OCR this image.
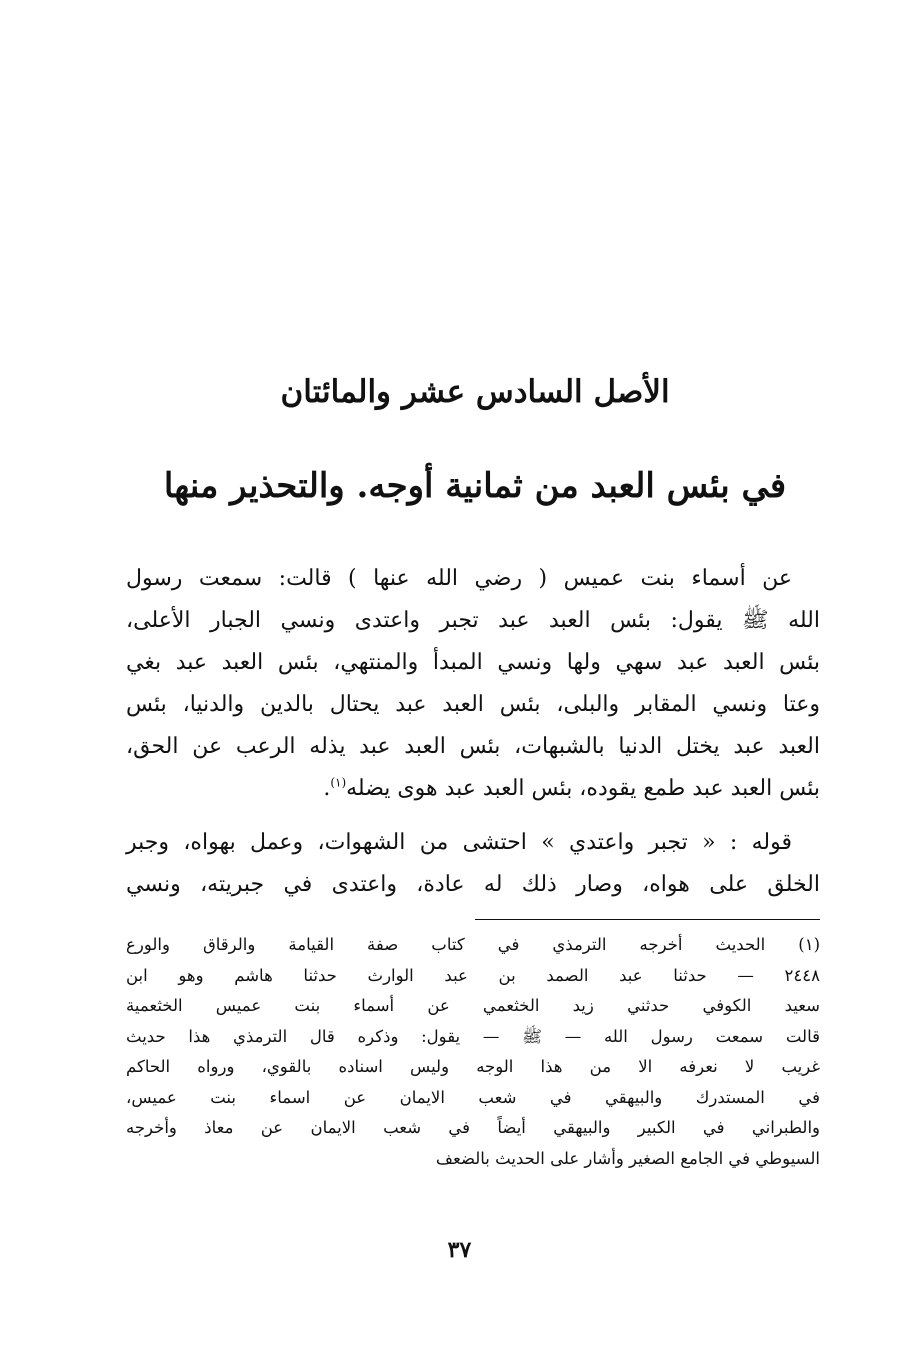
الأصل السادس عشر والمائتان
في بئس العبد من ثمانية أوجه. والتحذير منها

عن أسماء بنت عميس ( رضي الله عنها ) قالت: سمعت رسول
الله ﷺ يقول: بئس العبد عبد تجبر واعتدى ونسي الجبار الأعلى،
بئس العبد عبد سهي ولها ونسي المبدأ والمنتهي، بئس العبد عبد بغي
وعتا ونسي المقابر والبلى، بئس العبد عبد يحتال بالدين والدنيا، بئس
العبد عبد يختل الدنيا بالشبهات، بئس العبد عبد يذله الرعب عن الحق،
بئس العبد عبد طمع يقوده، بئس العبد عبد هوى يضله$^{(١)}$.

قوله : « تجبر واعتدي » احتشى من الشهوات، وعمل بهواه، وجبر
الخلق على هواه، وصار ذلك له عادة، واعتدى في جبريته، ونسي

(١) الحديث أخرجه الترمذي في كتاب صفة القيامة والرقاق والورع
٢٤٤٨ — حدثنا عبد الصمد بن عبد الوارث حدثنا هاشم وهو ابن
سعيد الكوفي حدثني زيد الخثعمي عن أسماء بنت عميس الخثعمية
قالت سمعت رسول الله — ﷺ — يقول: وذكره قال الترمذي هذا حديث
غريب لا نعرفه الا من هذا الوجه وليس اسناده بالقوي، ورواه الحاكم
في المستدرك والبيهقي في شعب الايمان عن اسماء بنت عميس،
والطبراني في الكبير والبيهقي أيضاً في شعب الايمان عن معاذ وأخرجه
السيوطي في الجامع الصغير وأشار على الحديث بالضعف

٣٧
